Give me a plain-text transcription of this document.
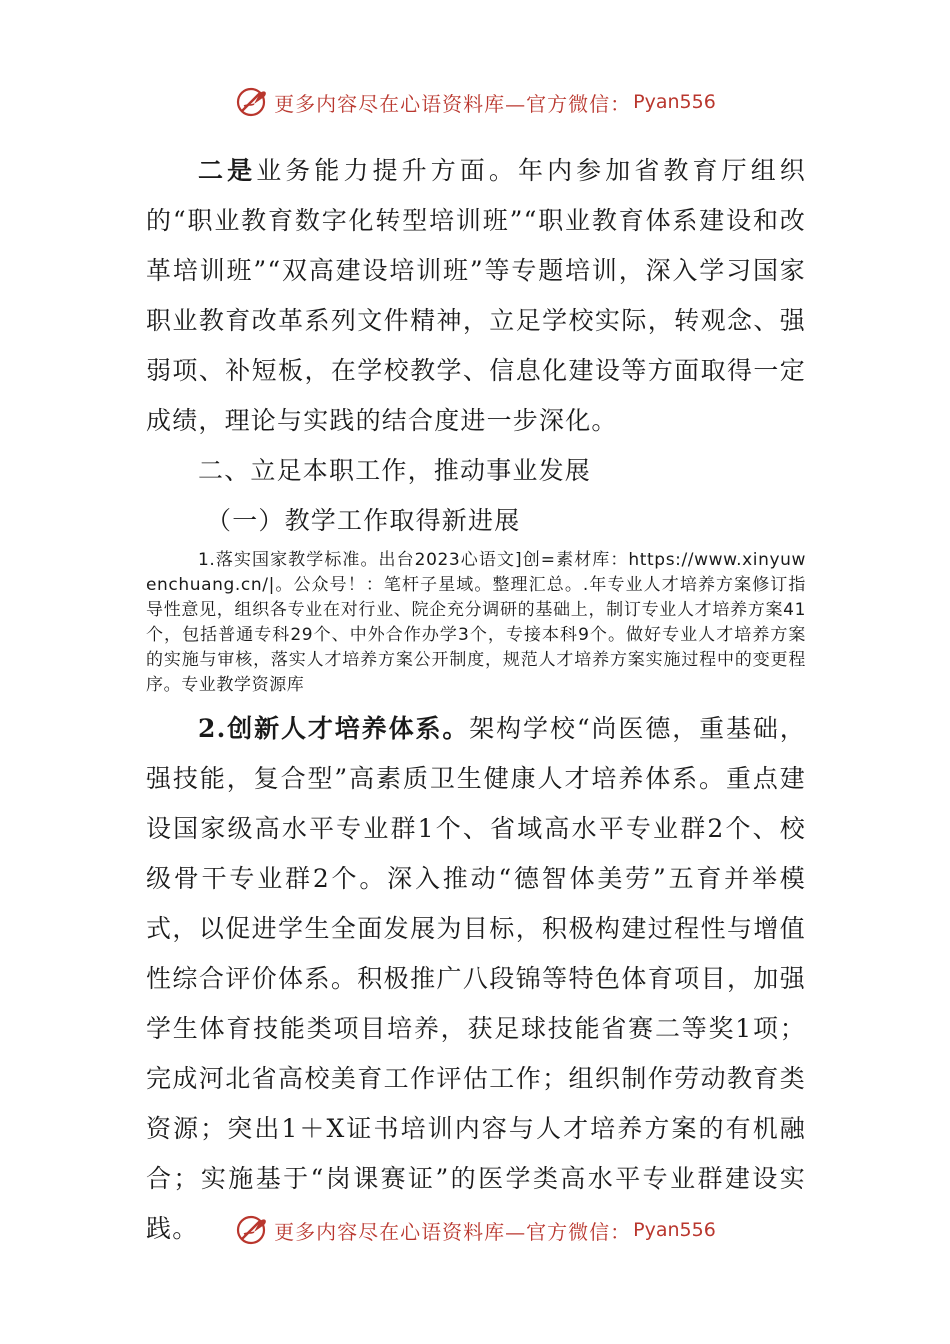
更多内容尽在心语资料库—官方微信： Pyan556

二是业务能力提升方面。年内参加省教育厅组织的“职业教育数字化转型培训班”“职业教育体系建设和改革培训班”“双高建设培训班”等专题培训，深入学习国家职业教育改革系列文件精神，立足学校实际，转观念、强弱项、补短板，在学校教学、信息化建设等方面取得一定成绩，理论与实践的结合度进一步深化。

二、立足本职工作，推动事业发展

（一）教学工作取得新进展

1.落实国家教学标准。出台2023心语文]创=素材库：https://www.xinyuwenchuang.cn/|。公众号！：笔杆子星域。整理汇总。.年专业人才培养方案修订指导性意见，组织各专业在对行业、院企充分调研的基础上，制订专业人才培养方案41个，包括普通专科29个、中外合作办学3个，专接本科9个。做好专业人才培养方案的实施与审核，落实人才培养方案公开制度，规范人才培养方案实施过程中的变更程序。专业教学资源库

2.创新人才培养体系。架构学校“尚医德，重基础，强技能，复合型”高素质卫生健康人才培养体系。重点建设国家级高水平专业群1个、省域高水平专业群2个、校级骨干专业群2个。深入推动“德智体美劳”五育并举模式，以促进学生全面发展为目标，积极构建过程性与增值性综合评价体系。积极推广八段锦等特色体育项目，加强学生体育技能类项目培养，获足球技能省赛二等奖1项；完成河北省高校美育工作评估工作；组织制作劳动教育类资源；突出1＋X证书培训内容与人才培养方案的有机融合；实施基于“岗课赛证”的医学类高水平专业群建设实践。	更多内容尽在心语资料库—官方微信： Pyan556
